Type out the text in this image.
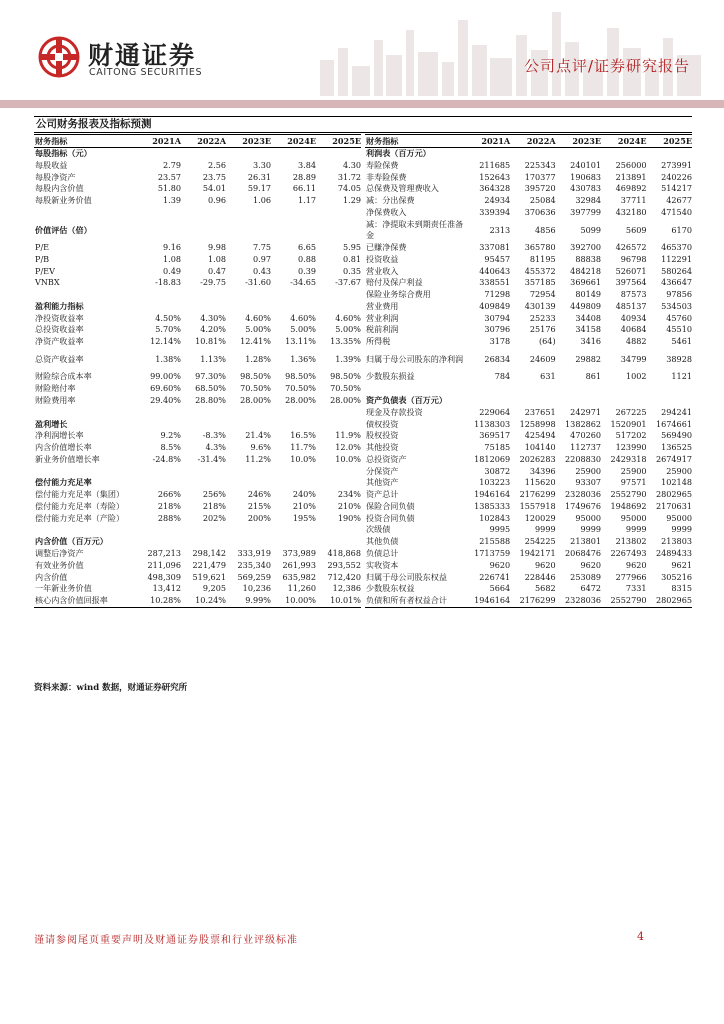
财通证券
CAITONG SECURITIES	公司点评/证券研究报告
公司财务报表及指标预测
财务指标	2021A	2022A	2023E	2024E	2025E
每股指标（元）					
每股收益	2.79	2.56	3.30	3.84	4.30
每股净资产	23.57	23.75	26.31	28.89	31.72
每股内含价值	51.80	54.01	59.17	66.11	74.05
每股新业务价值	1.39	0.96	1.06	1.17	1.29

价值评估（倍）					
P/E	9.16	9.98	7.75	6.65	5.95
P/B	1.08	1.08	0.97	0.88	0.81
P/EV	0.49	0.47	0.43	0.39	0.35
VNBX	-18.83	-29.75	-31.60	-34.65	-37.67

盈利能力指标					
净投资收益率	4.50%	4.30%	4.60%	4.60%	4.60%
总投资收益率	5.70%	4.20%	5.00%	5.00%	5.00%
净资产收益率	12.14%	10.81%	12.41%	13.11%	13.35%
总资产收益率	1.38%	1.13%	1.28%	1.36%	1.39%
财险综合成本率	99.00%	97.30%	98.50%	98.50%	98.50%
财险赔付率	69.60%	68.50%	70.50%	70.50%	70.50%
财险费用率	29.40%	28.80%	28.00%	28.00%	28.00%

盈利增长					
净利润增长率	9.2%	-8.3%	21.4%	16.5%	11.9%
内含价值增长率	8.5%	4.3%	9.6%	11.7%	12.0%
新业务价值增长率	-24.8%	-31.4%	11.2%	10.0%	10.0%

偿付能力充足率					
偿付能力充足率（集团）	266%	256%	246%	240%	234%
偿付能力充足率（寿险）	218%	218%	215%	210%	210%
偿付能力充足率（产险）	288%	202%	200%	195%	190%

内含价值（百万元）					
调整后净资产	287,213	298,142	333,919	373,989	418,868
有效业务价值	211,096	221,479	235,340	261,993	293,552
内含价值	498,309	519,621	569,259	635,982	712,420
一年新业务价值	13,412	9,205	10,236	11,260	12,386
核心内含价值回报率	10.28%	10.24%	9.99%	10.00%	10.01%
财务指标	2021A	2022A	2023E	2024E	2025E
利润表（百万元）					
寿险保费	211685	225343	240101	256000	273991
非寿险保费	152643	170377	190683	213891	240226
总保费及管理费收入	364328	395720	430783	469892	514217
减：分出保费	24934	25084	32984	37711	42677
净保费收入	339394	370636	397799	432180	471540
减：净提取未到期责任准备金	2313	4856	5099	5609	6170
已赚净保费	337081	365780	392700	426572	465370
投资收益	95457	81195	88838	96798	112291
营业收入	440643	455372	484218	526071	580264
赔付及保户利益	338551	357185	369661	397564	436647
保险业务综合费用	71298	72954	80149	87573	97856
营业费用	409849	430139	449809	485137	534503
营业利润	30794	25233	34408	40934	45760
税前利润	30796	25176	34158	40684	45510
所得税	3178	(64)	3416	4882	5461
归属于母公司股东的净利润	26834	24609	29882	34799	38928
少数股东损益	784	631	861	1002	1121

资产负债表（百万元）					
现金及存款投资	229064	237651	242971	267225	294241
债权投资	1138303	1258998	1382862	1520901	1674661
股权投资	369517	425494	470260	517202	569490
其他投资	75185	104140	112737	123990	136525
总投资资产	1812069	2026283	2208830	2429318	2674917
分保资产	30872	34396	25900	25900	25900
其他资产	103223	115620	93307	97571	102148
资产总计	1946164	2176299	2328036	2552790	2802965
保险合同负债	1385333	1557918	1749676	1948692	2170631
投资合同负债	102843	120029	95000	95000	95000
次级债	9995	9999	9999	9999	9999
其他负债	215588	254225	213801	213802	213803
负债总计	1713759	1942171	2068476	2267493	2489433
实收资本	9620	9620	9620	9620	9621
归属于母公司股东权益	226741	228446	253089	277966	305216
少数股东权益	5664	5682	6472	7331	8315
负债和所有者权益合计	1946164	2176299	2328036	2552790	2802965
资料来源：wind 数据，财通证券研究所
谨请参阅尾页重要声明及财通证券股票和行业评级标准	4
